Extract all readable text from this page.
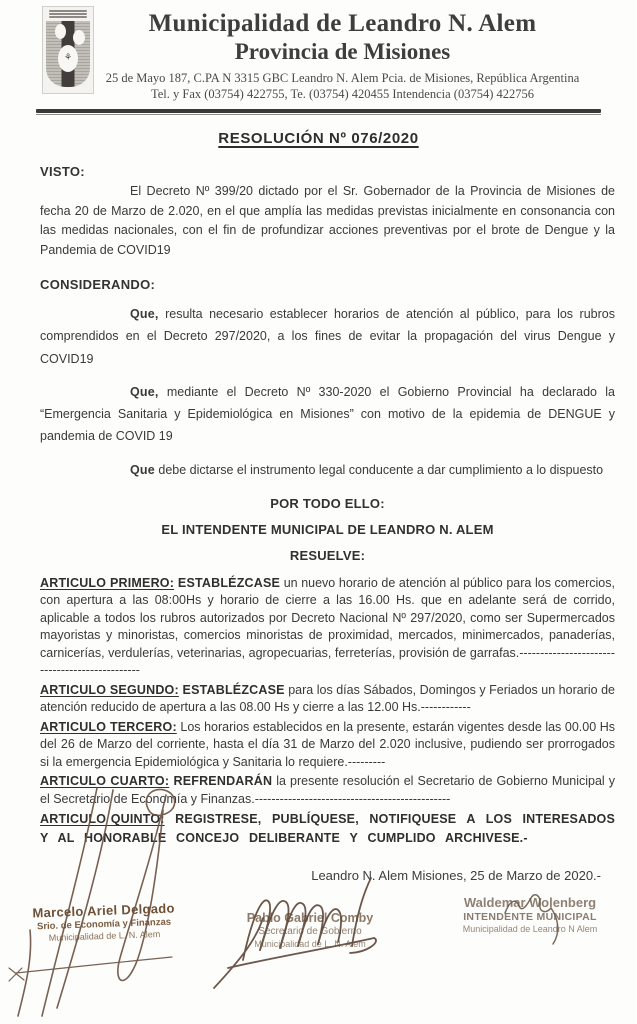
⚘
Municipalidad de Leandro N. Alem
Provincia de Misiones
25 de Mayo 187, C.PA N 3315 GBC Leandro N. Alem Pcia. de Misiones, República Argentina
Tel. y Fax (03754) 422755, Te. (03754) 420455 Intendencia (03754) 422756
RESOLUCIÓN Nº 076/2020
VISTO:

El Decreto Nº 399/20 dictado por el Sr. Gobernador de la Provincia de Misiones de fecha 20 de Marzo de 2.020, en el que amplía las medidas previstas inicialmente en consonancia con las medidas nacionales, con el fin de profundizar acciones preventivas por el brote de Dengue y la Pandemia de COVID19

CONSIDERANDO:

Que, resulta necesario establecer horarios de atención al público, para los rubros comprendidos en el Decreto 297/2020, a los fines de evitar la propagación del virus Dengue y COVID19

Que, mediante el Decreto Nº 330-2020 el Gobierno Provincial ha declarado la “Emergencia Sanitaria y Epidemiológica en Misiones” con motivo de la epidemia de DENGUE y pandemia de COVID 19

Que debe dictarse el instrumento legal conducente a dar cumplimiento a lo dispuesto

POR TODO ELLO:
EL INTENDENTE MUNICIPAL DE LEANDRO N. ALEM
RESUELVE:

ARTICULO PRIMERO: ESTABLÉZCASE un nuevo horario de atención al público para los comercios, con apertura a las 08:00Hs y horario de cierre a las 16.00 Hs. que en adelante será de corrido, aplicable a todos los rubros autorizados por Decreto Nacional Nº 297/2020, como ser Supermercados mayoristas y minoristas, comercios minoristas de proximidad, mercados, minimercados, panaderías, carnicerías, verdulerías, veterinarias, agropecuarias, ferreterías, provisión de garrafas.-----------------------------------------------

ARTICULO SEGUNDO: ESTABLÉZCASE para los días Sábados, Domingos y Feriados un horario de atención reducido de apertura a las 08.00 Hs y cierre a las 12.00 Hs.------------

ARTICULO TERCERO: Los horarios establecidos en la presente, estarán vigentes desde las 00.00 Hs del 26 de Marzo del corriente, hasta el día 31 de Marzo del 2.020 inclusive, pudiendo ser prorrogados si la emergencia Epidemiológica y Sanitaria lo requiere.---------

ARTICULO CUARTO: REFRENDARÁN la presente resolución el Secretario de Gobierno Municipal y el Secretario de Economía y Finanzas.-----------------------------------------------

ARTICULO QUINTO: REGISTRESE, PUBLÍQUESE, NOTIFIQUESE A LOS INTERESADOS Y AL HONORABLE CONCEJO DELIBERANTE Y CUMPLIDO ARCHIVESE.-

Leandro N. Alem Misiones, 25 de Marzo de 2020.-
Marcelo Ariel Delgado
Srio. de Economía y Finanzas
Municipalidad de L. N. Alem
Pablo Gabriel Comby
Secretario de Gobierno
Municipalidad de L. N. Alem
Waldemar Wolenberg
INTENDENTE MUNICIPAL
Municipalidad de Leandro N Alem
